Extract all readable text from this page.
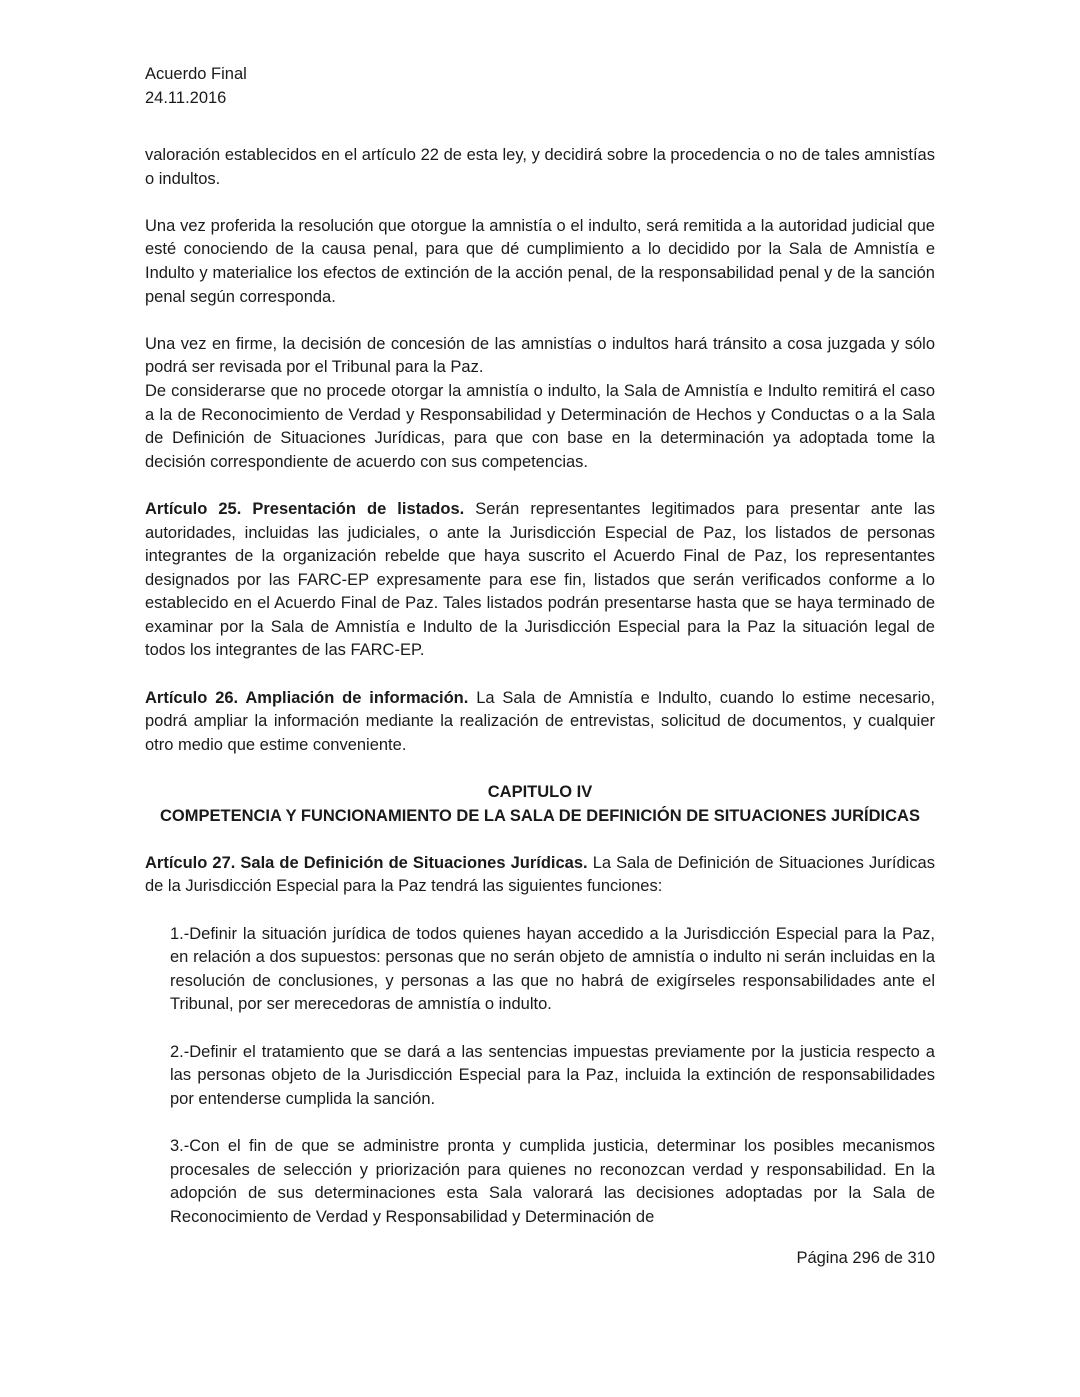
Acuerdo Final

24.11.2016

valoración establecidos en el artículo 22 de esta ley, y decidirá sobre la procedencia o no de tales amnistías o indultos.

Una vez proferida la resolución que otorgue la amnistía o el indulto, será remitida a la autoridad judicial que esté conociendo de la causa penal, para que dé cumplimiento a lo decidido por la Sala de Amnistía e Indulto y materialice los efectos de extinción de la acción penal, de la responsabilidad penal y de la sanción penal según corresponda.

Una vez en firme, la decisión de concesión de las amnistías o indultos hará tránsito a cosa juzgada y sólo podrá ser revisada por el Tribunal para la Paz.

De considerarse que no procede otorgar la amnistía o indulto, la Sala de Amnistía e Indulto remitirá el caso a la de Reconocimiento de Verdad y Responsabilidad y Determinación de Hechos y Conductas o a la Sala de Definición de Situaciones Jurídicas, para que con base en la determinación ya adoptada tome la decisión correspondiente de acuerdo con sus competencias.

Artículo 25. Presentación de listados. Serán representantes legitimados para presentar ante las autoridades, incluidas las judiciales, o ante la Jurisdicción Especial de Paz, los listados de personas integrantes de la organización rebelde que haya suscrito el Acuerdo Final de Paz, los representantes designados por las FARC-EP expresamente para ese fin, listados que serán verificados conforme a lo establecido en el Acuerdo Final de Paz. Tales listados podrán presentarse hasta que se haya terminado de examinar por la Sala de Amnistía e Indulto de la Jurisdicción Especial para la Paz la situación legal de todos los integrantes de las FARC-EP.

Artículo 26. Ampliación de información. La Sala de Amnistía e Indulto, cuando lo estime necesario, podrá ampliar la información mediante la realización de entrevistas, solicitud de documentos, y cualquier otro medio que estime conveniente.

CAPITULO IV

COMPETENCIA Y FUNCIONAMIENTO DE LA SALA DE DEFINICIÓN DE SITUACIONES JURÍDICAS

Artículo 27. Sala de Definición de Situaciones Jurídicas. La Sala de Definición de Situaciones Jurídicas de la Jurisdicción Especial para la Paz tendrá las siguientes funciones:

1.-Definir la situación jurídica de todos quienes hayan accedido a la Jurisdicción Especial para la Paz, en relación a dos supuestos: personas que no serán objeto de amnistía o indulto ni serán incluidas en la resolución de conclusiones, y personas a las que no habrá de exigírseles responsabilidades ante el Tribunal, por ser merecedoras de amnistía o indulto.

2.-Definir el tratamiento que se dará a las sentencias impuestas previamente por la justicia respecto a las personas objeto de la Jurisdicción Especial para la Paz, incluida la extinción de responsabilidades por entenderse cumplida la sanción.

3.-Con el fin de que se administre pronta y cumplida justicia, determinar los posibles mecanismos procesales de selección y priorización para quienes no reconozcan verdad y responsabilidad. En la adopción de sus determinaciones esta Sala valorará las decisiones adoptadas por la Sala de Reconocimiento de Verdad y Responsabilidad y Determinación de

Página 296 de 310
